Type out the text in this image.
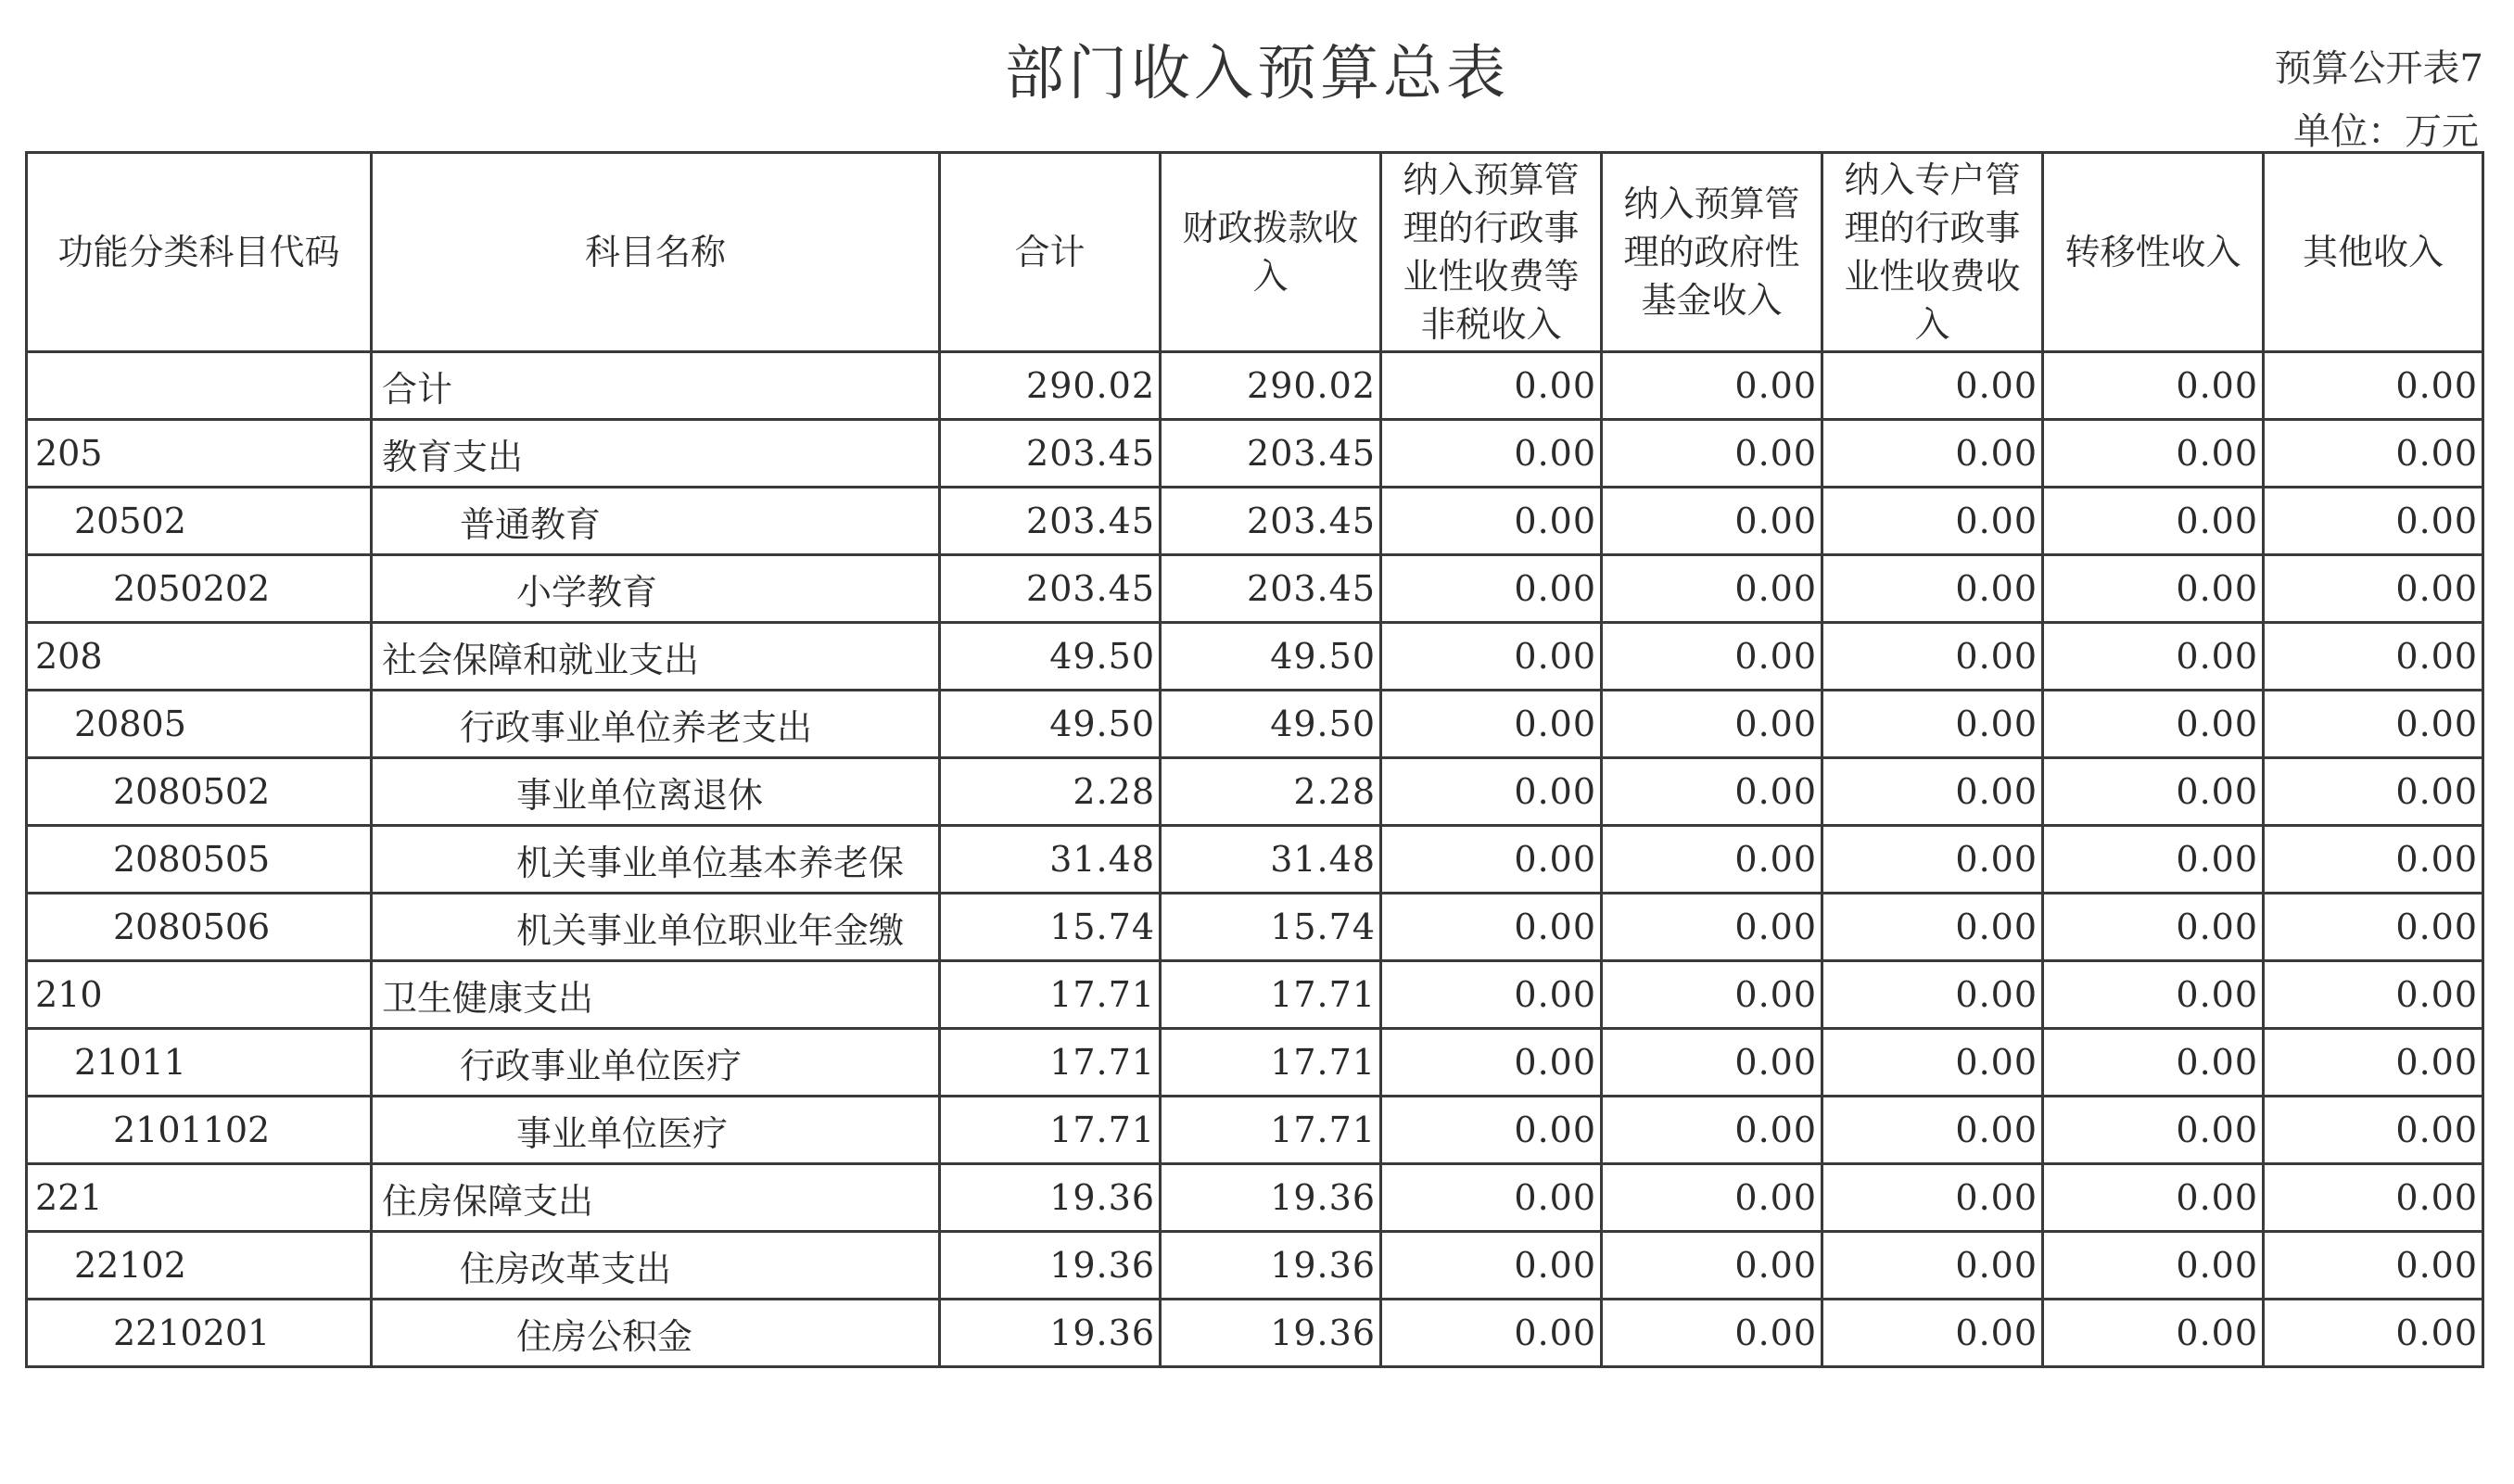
部门收入预算总表	预算公开表7
单位：万元
功能分类科目代码	科目名称	合计	财政拨款收入	纳入预算管理的行政事业性收费等非税收入	纳入预算管理的政府性基金收入	纳入专户管理的行政事业性收费收入	转移性收入	其他收入

	合计	290.02	290.02	0.00	0.00	0.00	0.00	0.00
205	教育支出	203.45	203.45	0.00	0.00	0.00	0.00	0.00
20502	普通教育	203.45	203.45	0.00	0.00	0.00	0.00	0.00
2050202	小学教育	203.45	203.45	0.00	0.00	0.00	0.00	0.00
208	社会保障和就业支出	49.50	49.50	0.00	0.00	0.00	0.00	0.00
20805	行政事业单位养老支出	49.50	49.50	0.00	0.00	0.00	0.00	0.00
2080502	事业单位离退休	2.28	2.28	0.00	0.00	0.00	0.00	0.00
2080505	机关事业单位基本养老保	31.48	31.48	0.00	0.00	0.00	0.00	0.00
2080506	机关事业单位职业年金缴	15.74	15.74	0.00	0.00	0.00	0.00	0.00
210	卫生健康支出	17.71	17.71	0.00	0.00	0.00	0.00	0.00
21011	行政事业单位医疗	17.71	17.71	0.00	0.00	0.00	0.00	0.00
2101102	事业单位医疗	17.71	17.71	0.00	0.00	0.00	0.00	0.00
221	住房保障支出	19.36	19.36	0.00	0.00	0.00	0.00	0.00
22102	住房改革支出	19.36	19.36	0.00	0.00	0.00	0.00	0.00
2210201	住房公积金	19.36	19.36	0.00	0.00	0.00	0.00	0.00
